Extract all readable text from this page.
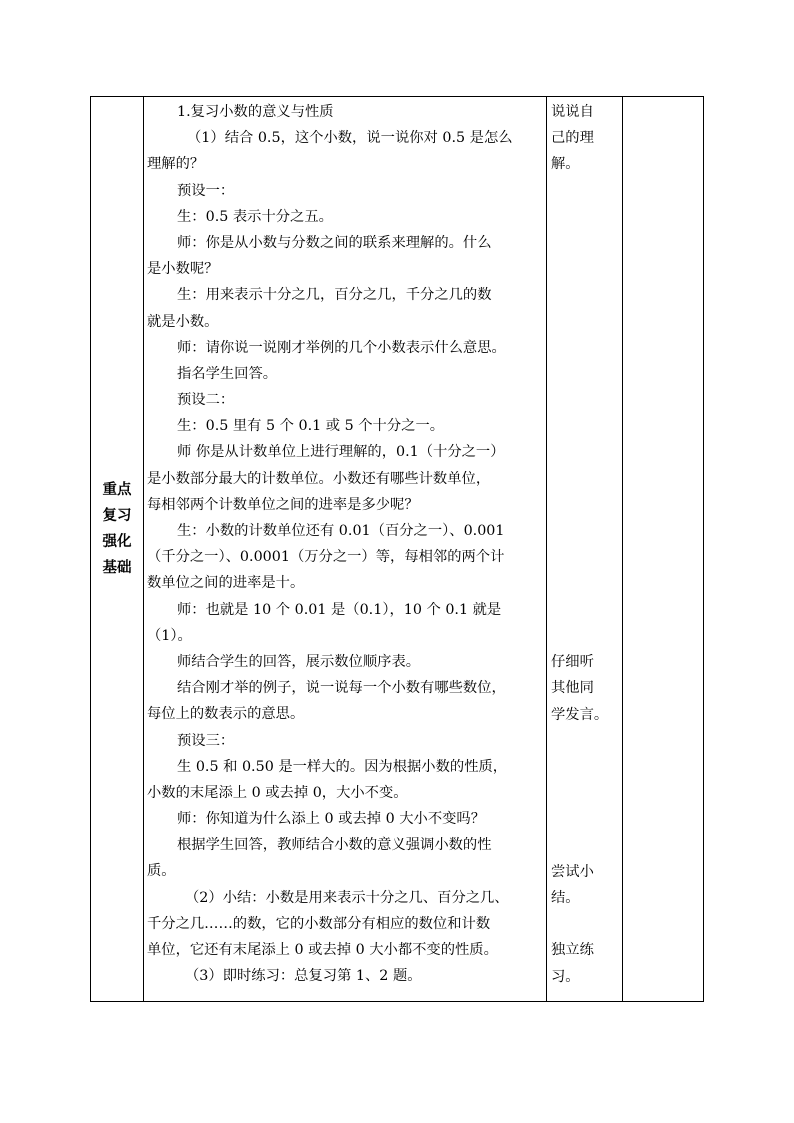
重点
复习
强化
基础
1.复习小数的意义与性质
（1）结合 0.5，这个小数，说一说你对 0.5 是怎么
理解的？
预设一：
生：0.5 表示十分之五。
师：你是从小数与分数之间的联系来理解的。什么
是小数呢？
生：用来表示十分之几，百分之几，千分之几的数
就是小数。
师：请你说一说刚才举例的几个小数表示什么意思。
指名学生回答。
预设二：
生：0.5 里有 5 个 0.1 或 5 个十分之一。
师 你是从计数单位上进行理解的，0.1（十分之一）
是小数部分最大的计数单位。小数还有哪些计数单位，
每相邻两个计数单位之间的进率是多少呢？
生：小数的计数单位还有 0.01（百分之一）、0.001
（千分之一）、0.0001（万分之一）等，每相邻的两个计
数单位之间的进率是十。
师：也就是 10 个 0.01 是（0.1），10 个 0.1 就是
（1）。
师结合学生的回答，展示数位顺序表。
结合刚才举的例子，说一说每一个小数有哪些数位，
每位上的数表示的意思。
预设三：
生 0.5 和 0.50 是一样大的。因为根据小数的性质，
小数的末尾添上 0 或去掉 0，大小不变。
师：你知道为什么添上 0 或去掉 0 大小不变吗？
根据学生回答，教师结合小数的意义强调小数的性
质。
（2）小结：小数是用来表示十分之几、百分之几、
千分之几……的数，它的小数部分有相应的数位和计数
单位，它还有末尾添上 0 或去掉 0 大小都不变的性质。
（3）即时练习：总复习第 1、2 题。
说说自
己的理
解。
仔细听
其他同
学发言。
尝试小
结。
独立练
习。
